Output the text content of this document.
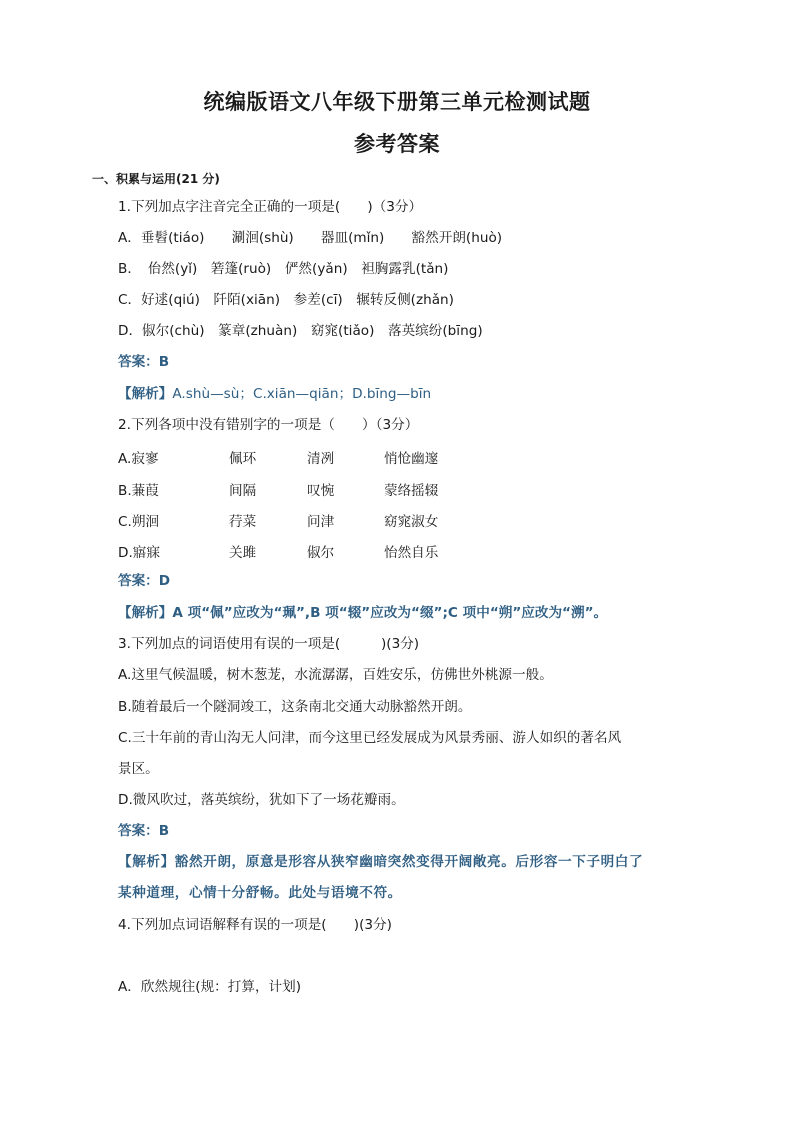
统编版语文八年级下册第三单元检测试题
参考答案
一、积累与运用(21 分)
1.下列加点字注音完全正确的一项是(　　)（3分）
A．垂髫(tiáo)　　涮洄(shù)　　器皿(mǐn)　　豁然开朗(huò)
B．　佁然(yǐ)　箬篷(ruò)　俨然(yǎn)　袒胸露乳(tǎn)
C．好逑(qiú)　阡陌(xiān)　参差(cī)　辗转反侧(zhǎn)
D．俶尔(chù)　篆章(zhuàn)　窈窕(tiǎo)　落英缤纷(bīng)
答案：B
【解析】A.shù—sù；C.xiān—qiān；D.bīng—bīn
2.下列各项中没有错别字的一项是（　　）（3分）
A.寂寥	佩环	清冽	悄怆幽邃
B.蒹葭	间隔	叹惋	蒙络摇辍
C.朔洄	荇菜	问津	窈窕淑女
D.寤寐	关雎	俶尔	怡然自乐
答案：D
【解析】A 项“佩”应改为“珮”,B 项“辍”应改为“缀”;C 项中“朔”应改为“溯”。
3.下列加点的词语使用有误的一项是(　　　)(3分)
A.这里气候温暖，树木葱茏，水流潺潺，百姓安乐，仿佛世外桃源一般。
B.随着最后一个隧洞竣工，这条南北交通大动脉豁然开朗。
C.三十年前的青山沟无人问津，而今这里已经发展成为风景秀丽、游人如织的著名风
景区。
D.微风吹过，落英缤纷，犹如下了一场花瓣雨。
答案：B
【解析】豁然开朗，原意是形容从狭窄幽暗突然变得开阔敞亮。后形容一下子明白了
某种道理，心情十分舒畅。此处与语境不符。
4.下列加点词语解释有误的一项是(　　)(3分)
A．欣然规往(规：打算，计划)
